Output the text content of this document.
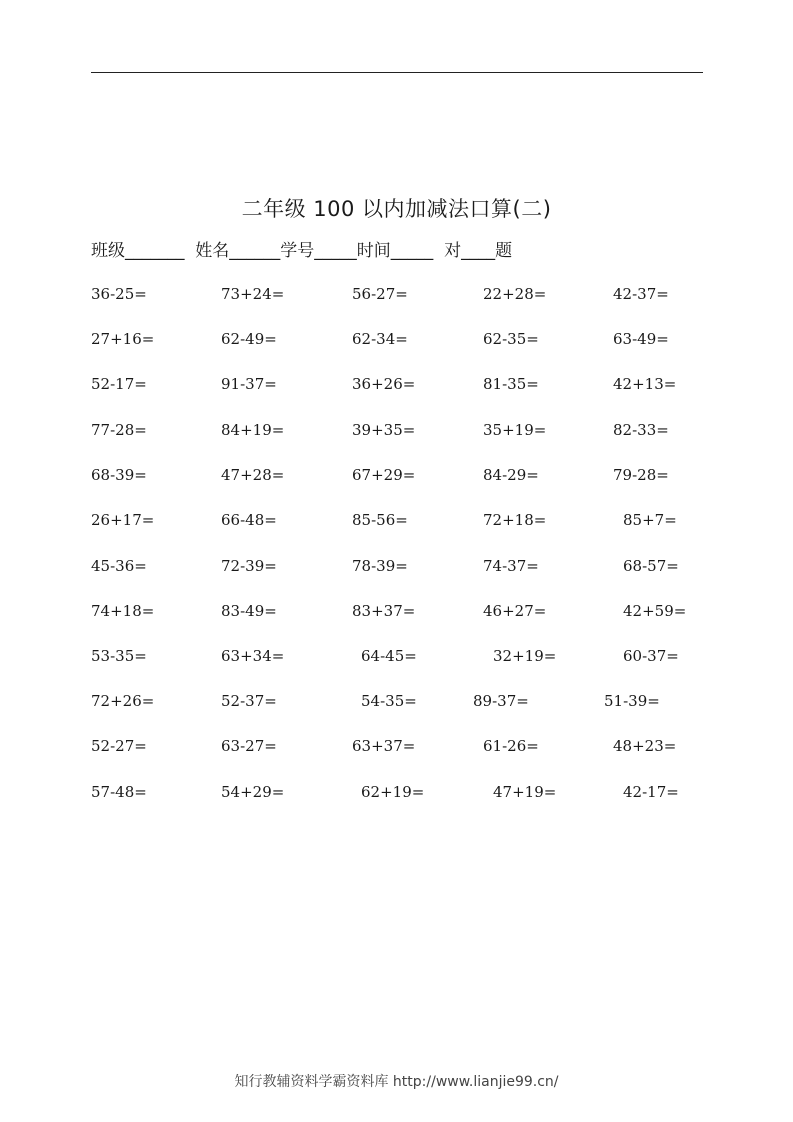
二年级 100 以内加减法口算(二)
班级_______  姓名______学号_____时间_____  对____题
36-25=	73+24=	56-27=	22+28=	42-37=
27+16=	62-49=	62-34=	62-35=	63-49=
52-17=	91-37=	36+26=	81-35=	42+13=
77-28=	84+19=	39+35=	35+19=	82-33=
68-39=	47+28=	67+29=	84-29=	79-28=
26+17=	66-48=	85-56=	72+18=	85+7=
45-36=	72-39=	78-39=	74-37=	68-57=
74+18=	83-49=	83+37=	46+27=	42+59=
53-35=	63+34=	64-45=	32+19=	60-37=
72+26=	52-37=	54-35=	89-37=	51-39=
52-27=	63-27=	63+37=	61-26=	48+23=
57-48=	54+29=	62+19=	47+19=	42-17=
知行教辅资料学霸资料库 http://www.lianjie99.cn/
